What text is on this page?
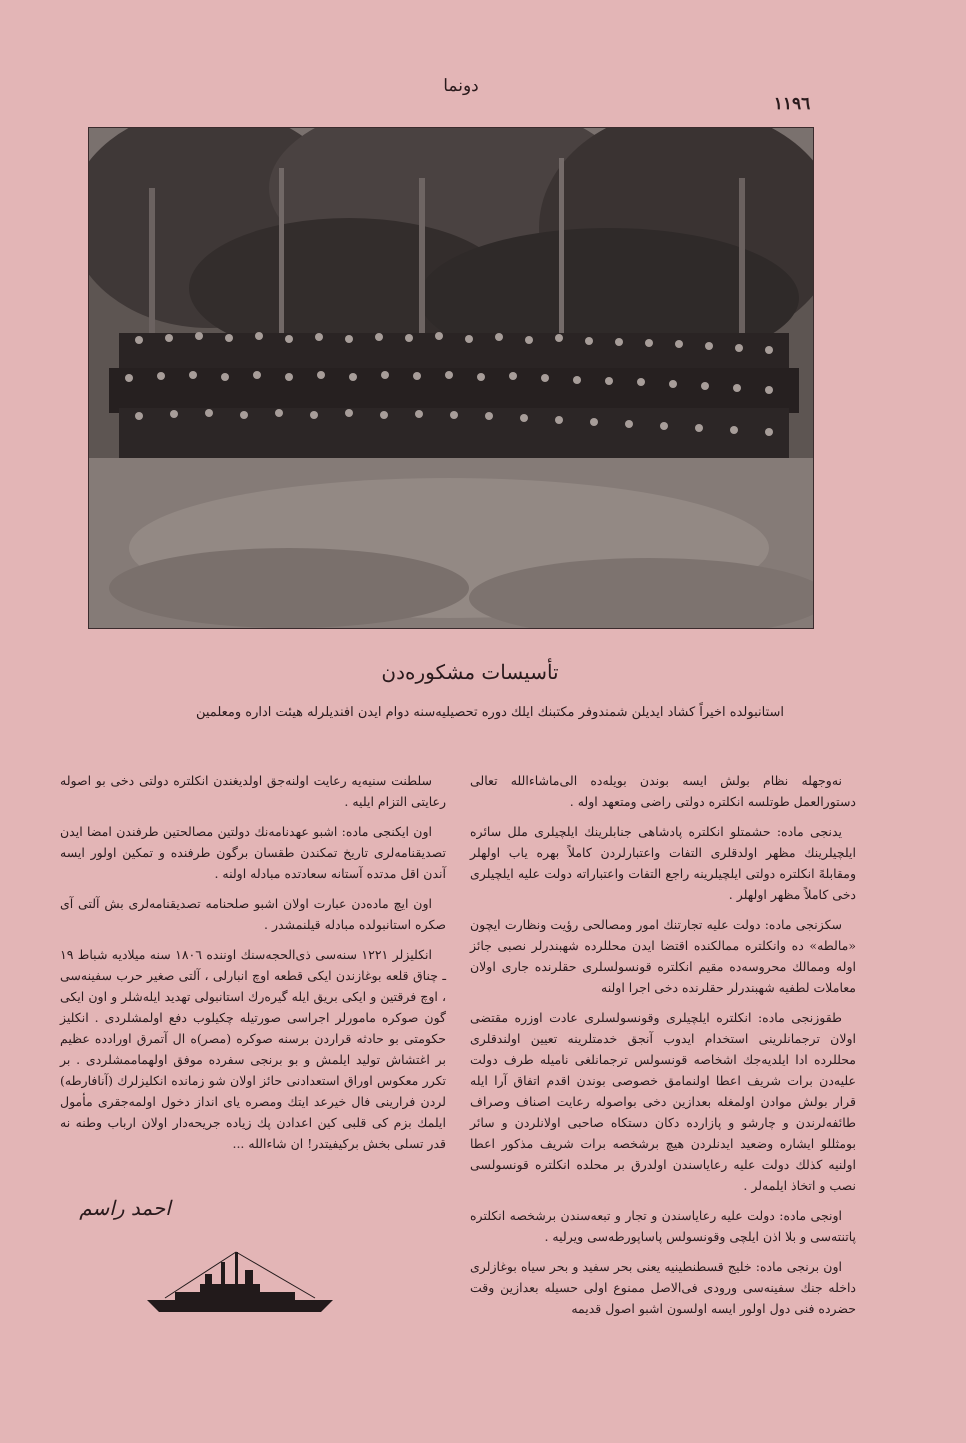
١١٩٦
دونما
تأسيسات مشكوره‌دن
استانبولده اخيراً كشاد ايديلن شمندوفر مكتبنك ايلك دوره تحصيليه‌سنه دوام ايدن افنديلرله هيئت اداره ومعلمين

نه‌وجهله نظام بولش ايسه بوندن بويله‌ده الى‌ماشاءالله تعالى دستورالعمل طوتلسه انكلتره دولتى راضى ومتعهد اوله .

يدنجى ماده: حشمتلو انكلتره پادشاهى جنابلرينك ايلچيلرى ملل سائره ايلچيلرينك مظهر اولدقلرى التفات واعتبارلردن كاملاً بهره ياب اولهلر ومقابله‌ً انكلتره دولتى ايلچيلرينه راجع التفات واعتباراته دولت عليه ايلچيلرى دخى كاملاً مظهر اولهلر .

سكزنجى ماده: دولت عليه تجارتنك امور ومصالحى رؤيت ونظارت ايچون «مالطه» ده وانكلتره ممالكنده اقتضا ايدن محللرده شهبندرلر نصبى جائز اوله وممالك محروسه‌ده مقيم انكلتره قونسولسلرى حقلرنده جارى اولان معاملات لطفيه شهبندرلر حقلرنده دخى اجرا اولنه

طقوزنجى ماده: انكلتره ايلچيلرى وقونسولسلرى عادت اوزره مقتضى اولان ترجمانلرينى استخدام ايدوب آنجق خدمتلرينه تعيين اولندقلرى محللرده ادا ايلديه‌جك اشخاصه قونسولس ترجمانلغى نامیله طرف دولت عليه‌دن برات شريف اعطا اولنمامق خصوصى بوندن اقدم اتفاق آرا ايله قرار بولش موادن اولمغله بعدازين دخى بواصوله رعايت اصناف وصراف طائفه‌لرندن و چارشو و پازارده دكان دستكاه صاحبى اولانلردن و سائر بومثللو ايشاره وضعيد ايدنلردن هيچ برشخصه برات شريف مذكور اعطا اولنيه كذلك دولت عليه رعاياسندن اولدرق بر محلده انكلتره قونسولسى نصب و اتخاذ ايلمه‌لر .

اونجى ماده: دولت عليه رعاياسندن و تجار و تبعه‌سندن برشخصه انكلتره پاتنته‌سى و بلا اذن ايلچى وقونسولس پاساپورطه‌سى ويرليه .

اون برنجى ماده: خليج قسطنطينيه يعنى بحر سفيد و بحر سياه بوغازلرى داخله جنك سفينه‌سى ورودى فى‌الاصل ممنوع اولى حسيله بعدازين وقت حضرده فنى دول اولور ايسه اولسون اشبو اصول قديمه

سلطنت سنيه‌يه رعايت اولنه‌جق اولديغندن انكلتره دولتى دخى بو اصوله رعايتى التزام ايليه .

اون ايكنجى ماده: اشبو عهدنامه‌نك دولتين مصالحتين طرفندن امضا ايدن تصديقنامه‌لرى تاريخ تمكندن طقسان برگون طرفنده و تمكين اولور ايسه آندن اقل مدتده آستانه سعادتده مبادله اولنه .

اون ايچ ماده‌دن عبارت اولان اشبو صلحنامه تصديقنامه‌لرى بش آلتى آى صكره استانبولده مبادله قيلنمشدر .

انكليزلر ١٢٢١ سنه‌سى ذى‌الحجه‌سنك اوننده ١٨٠٦ سنه ميلاديه شباط ١٩ ـ چناق قلعه بوغازندن ايكى قطعه اوچ انبارلى ، آلتى صغير حرب سفينه‌سى ، اوچ فرقتين و ايكى بريق ايله گيره‌رك استانبولى تهديد ايله‌شلر و اون ايكى گون صوكره مامورلر اجراسى صورتيله چكيلوب دفع اولمشلردى . انكليز حكومتى بو حادثه قراردن برسنه صوكره (مصر)ه ال آتمرق اورادده عظيم بر اغتشاش توليد ايلمش و بو برنجى سفرده موفق اولهماممشلردى . بر تكرر معكوس اوراق استعدادنى حائز اولان شو زمانده انكليزلرك (آنافارطه) لردن فرارينى فال خيرعد ايتك ومصره ياى انداز دخول اولمه‌جقرى مأمول ايلمك بزم كى قلبى كين اعدادن پك زياده جريحه‌دار اولان ارباب وطنه نه قدر تسلى بخش بركيفيتدر! ان شاءالله ...

احمد راسم
